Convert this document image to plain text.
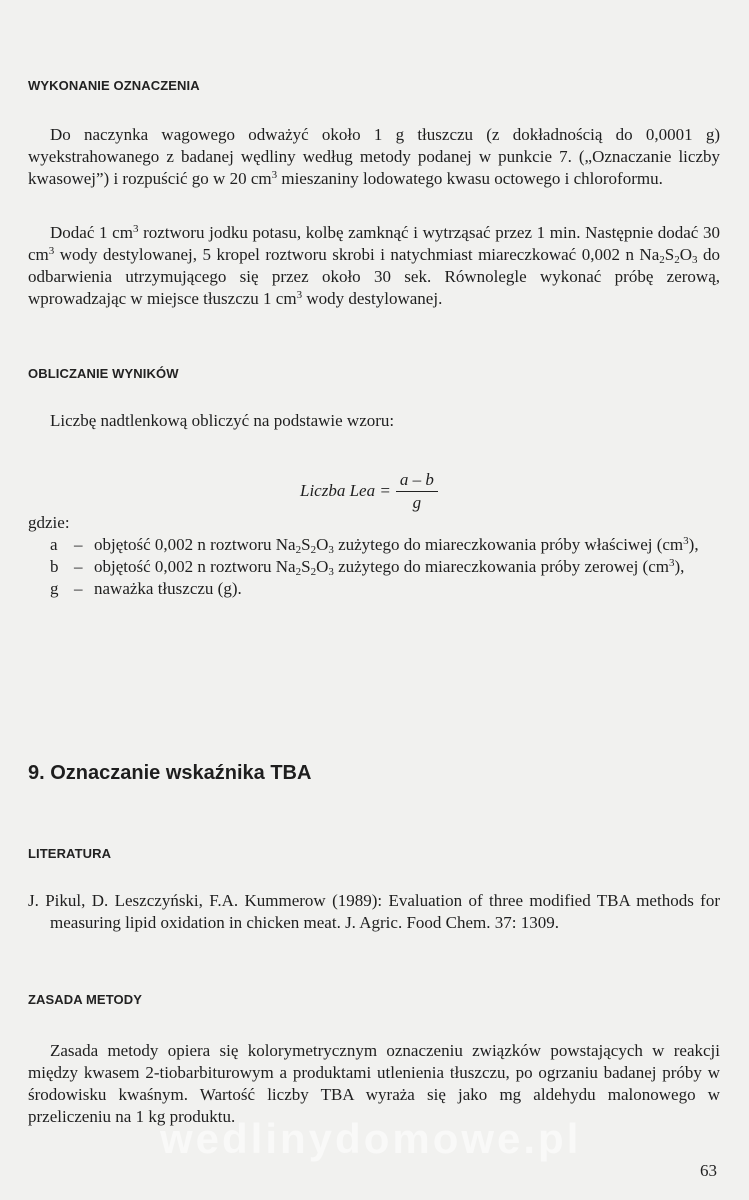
WYKONANIE OZNACZENIA

Do naczynka wagowego odważyć około 1 g tłuszczu (z dokładnością do 0,0001 g) wyekstrahowanego z badanej wędliny według metody podanej w punkcie 7. („Oznaczanie liczby kwasowej”) i rozpuścić go w 20 $cm^3$ mieszaniny lodowatego kwasu octowego i chloroformu.

Dodać 1 $cm^3$ roztworu jodku potasu, kolbę zamknąć i wytrząsać przez 1 min. Następnie dodać 30 $cm^3$ wody destylowanej, 5 kropel roztworu skrobi i natychmiast miareczkować 0,002 n $Na_2S_2O_3$ do odbarwienia utrzymującego się przez około 30 sek. Równolegle wykonać próbę zerową, wprowadzając w miejsce tłuszczu 1 $cm^3$ wody destylowanej.

OBLICZANIE WYNIKÓW

Liczbę nadtlenkową obliczyć na podstawie wzoru:

Liczba Lea = $\frac{a - b}{g}$
gdzie:
a – objętość 0,002 n roztworu $Na_2S_2O_3$ zużytego do miareczkowania próby właściwej $(cm^3)$,
b – objętość 0,002 n roztworu $Na_2S_2O_3$ zużytego do miareczkowania próby zerowej $(cm^3)$,
g – naważka tłuszczu (g).
9. Oznaczanie wskaźnika TBA
LITERATURA

J. Pikul, D. Leszczyński, F.A. Kummerow (1989): Evaluation of three modified TBA methods for measuring lipid oxidation in chicken meat. J. Agric. Food Chem. 37: 1309.

ZASADA METODY

Zasada metody opiera się kolorymetrycznym oznaczeniu związków powstających w reakcji między kwasem 2-tiobarbiturowym a produktami utlenienia tłuszczu, po ogrzaniu badanej próby w środowisku kwaśnym. Wartość liczby TBA wyraża się jako mg aldehydu malonowego w przeliczeniu na 1 kg produktu.

wedlinydomowe.pl
63
